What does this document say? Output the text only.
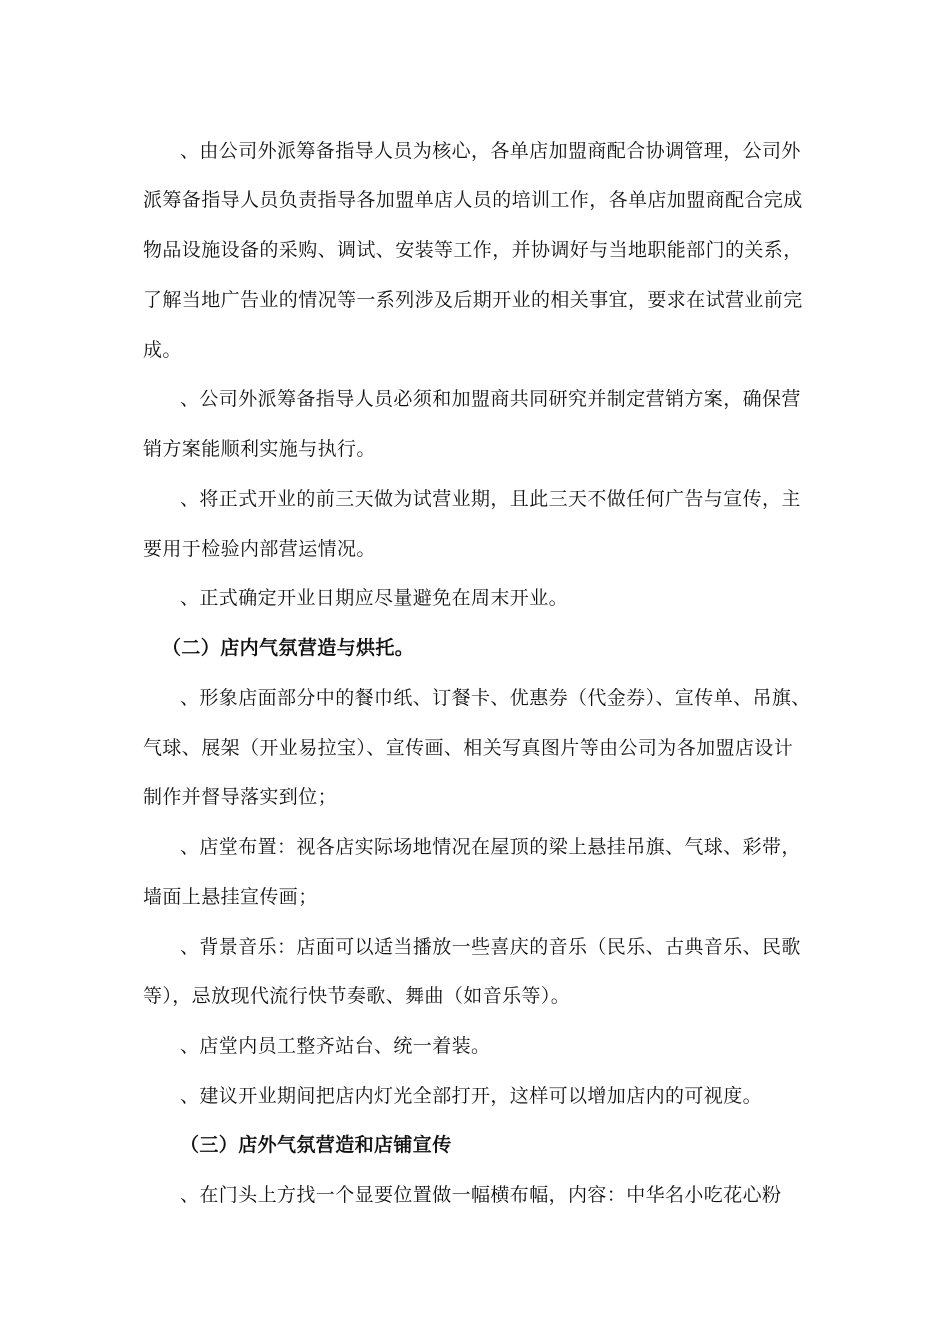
、由公司外派筹备指导人员为核心，各单店加盟商配合协调管理，公司外
派筹备指导人员负责指导各加盟单店人员的培训工作，各单店加盟商配合完成
物品设施设备的采购、调试、安装等工作，并协调好与当地职能部门的关系，
了解当地广告业的情况等一系列涉及后期开业的相关事宜，要求在试营业前完
成。
、公司外派筹备指导人员必须和加盟商共同研究并制定营销方案，确保营
销方案能顺利实施与执行。
、将正式开业的前三天做为试营业期，且此三天不做任何广告与宣传，主
要用于检验内部营运情况。
、正式确定开业日期应尽量避免在周末开业。
（二）店内气氛营造与烘托。
、形象店面部分中的餐巾纸、订餐卡、优惠券（代金券）、宣传单、吊旗、
气球、展架（开业易拉宝）、宣传画、相关写真图片等由公司为各加盟店设计
制作并督导落实到位；
、店堂布置：视各店实际场地情况在屋顶的梁上悬挂吊旗、气球、彩带，
墙面上悬挂宣传画；
、背景音乐：店面可以适当播放一些喜庆的音乐（民乐、古典音乐、民歌
等），忌放现代流行快节奏歌、舞曲（如音乐等）。
、店堂内员工整齐站台、统一着装。
、建议开业期间把店内灯光全部打开，这样可以增加店内的可视度。
（三）店外气氛营造和店铺宣传
、在门头上方找一个显要位置做一幅横布幅，内容：中华名小吃花心粉
